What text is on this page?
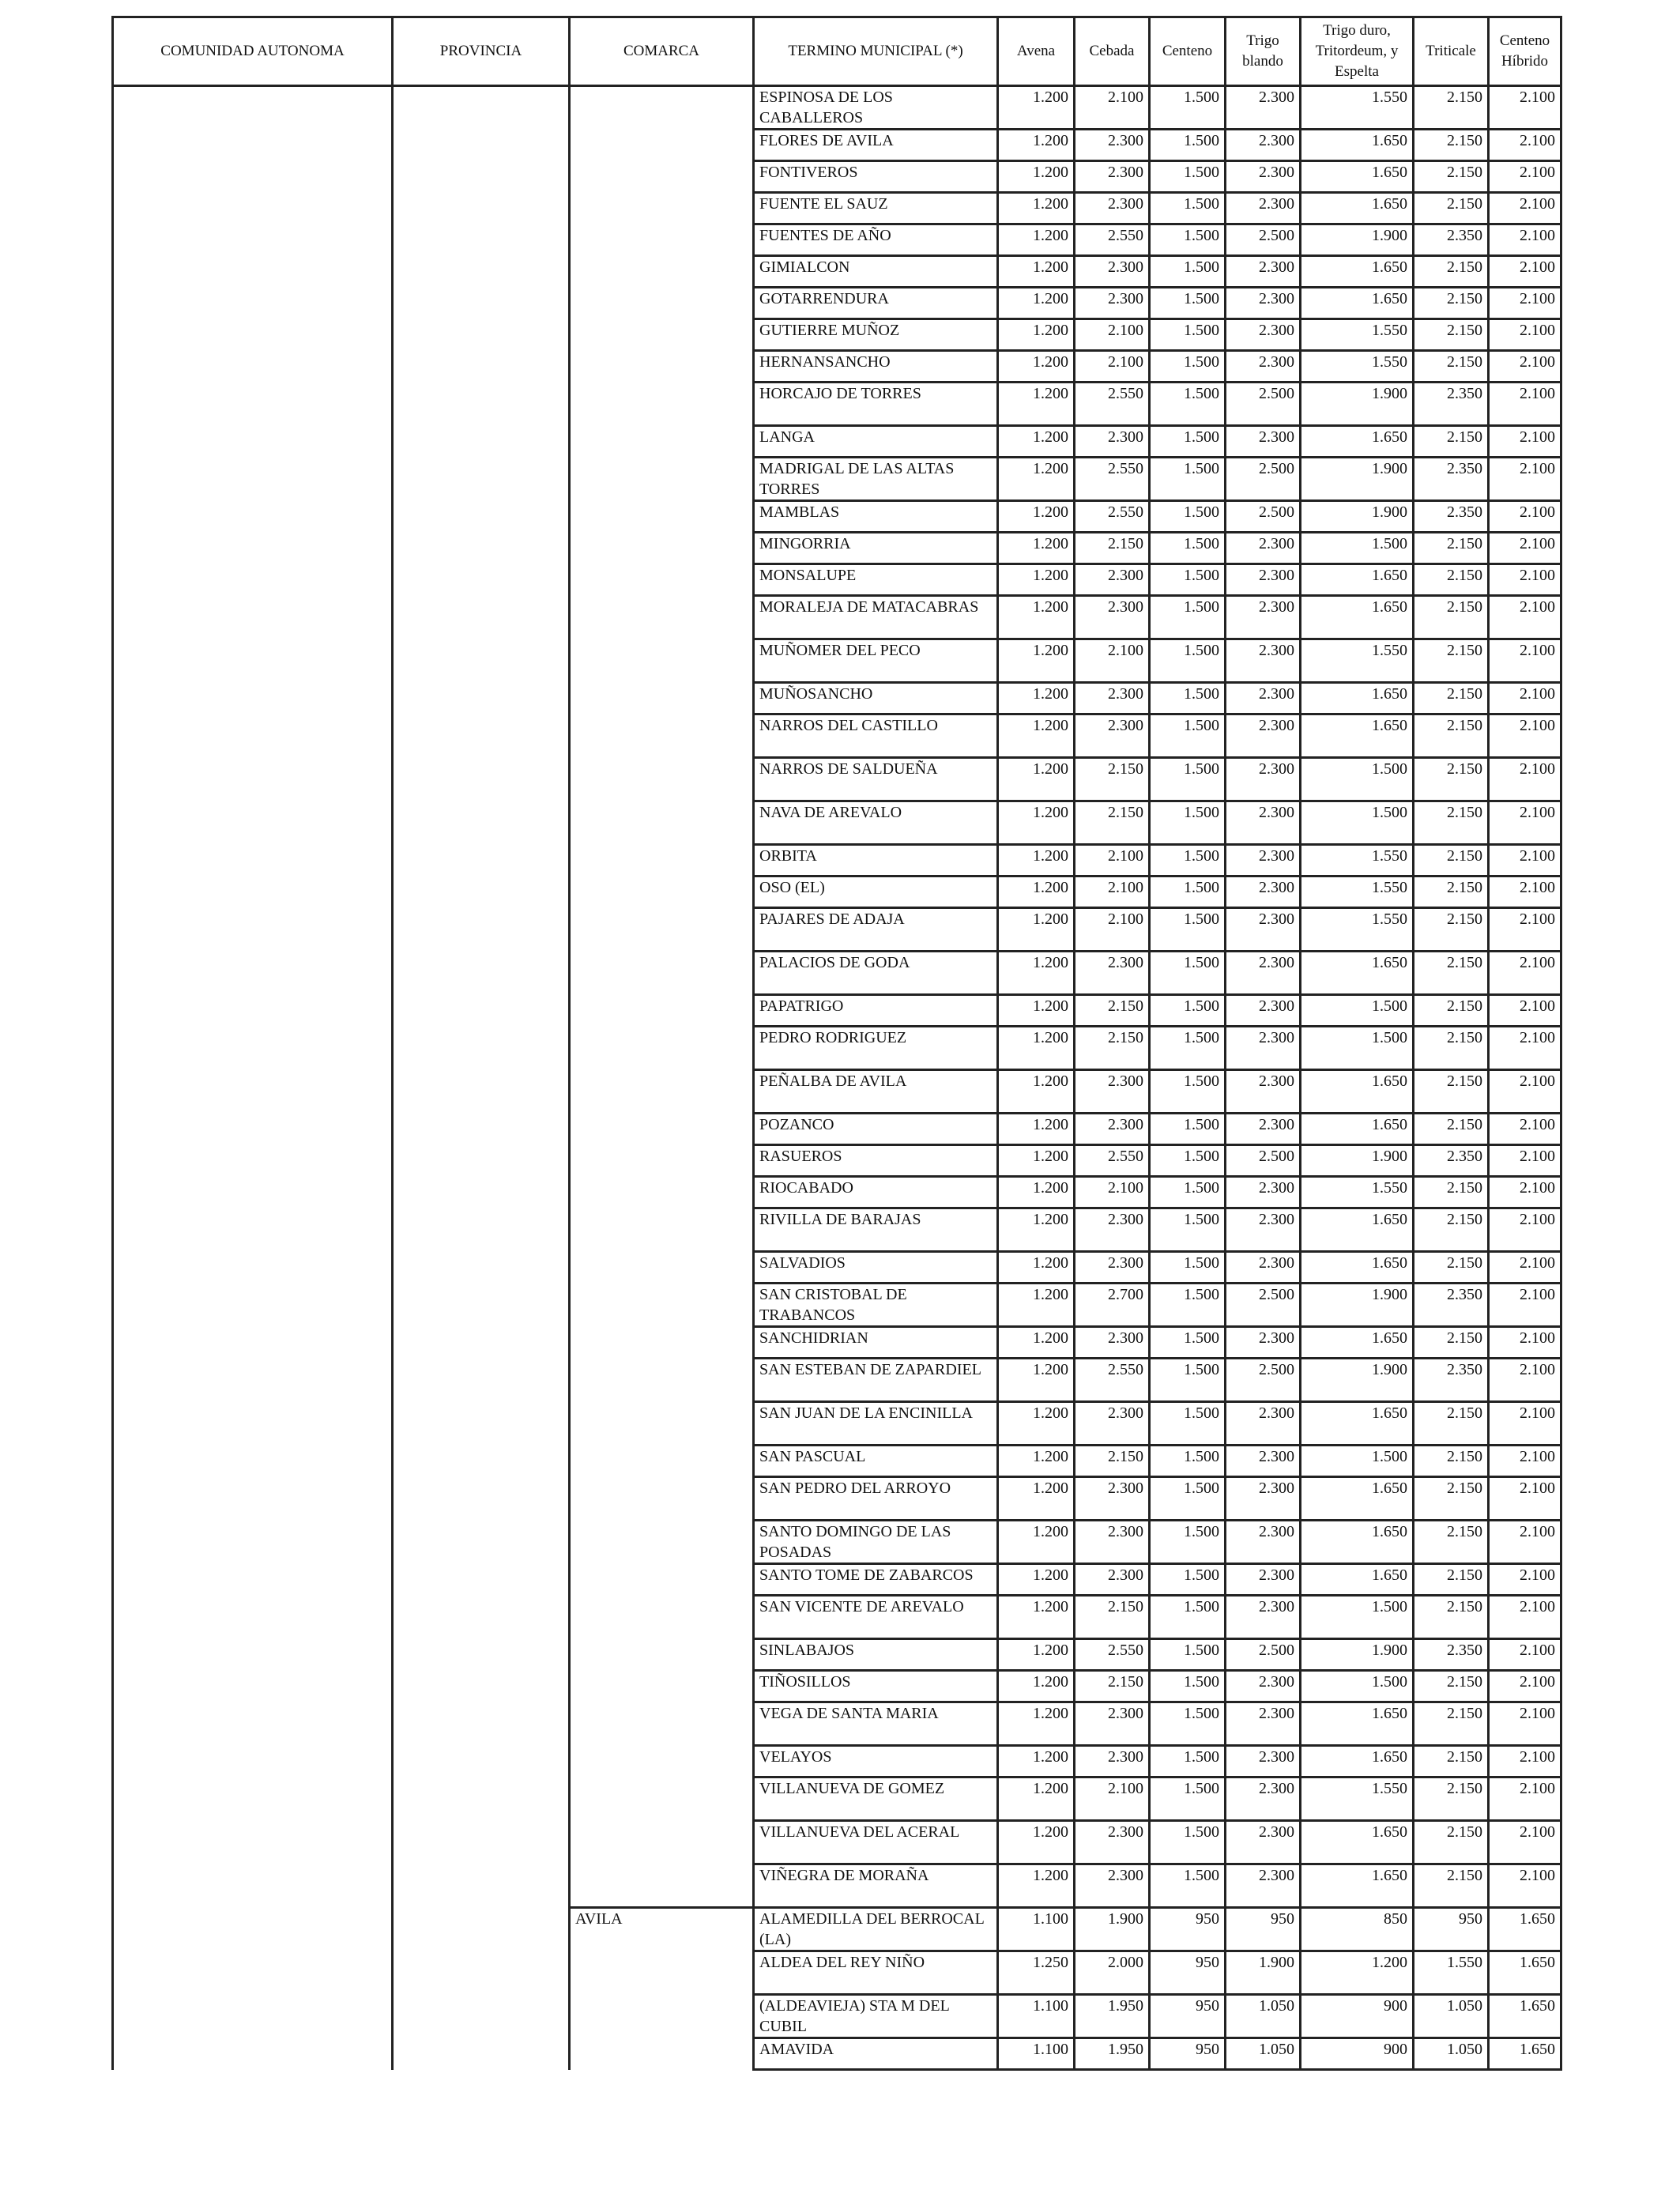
COMUNIDAD AUTONOMA	PROVINCIA	COMARCA	TERMINO MUNICIPAL (*)	Avena	Cebada	Centeno	Trigo blando	Trigo duro, Tritordeum, y Espelta	Triticale	Centeno Híbrido
			ESPINOSA DE LOS CABALLEROS	1.200	2.100	1.500	2.300	1.550	2.150	2.100
			FLORES DE AVILA	1.200	2.300	1.500	2.300	1.650	2.150	2.100
			FONTIVEROS	1.200	2.300	1.500	2.300	1.650	2.150	2.100
			FUENTE EL SAUZ	1.200	2.300	1.500	2.300	1.650	2.150	2.100
			FUENTES DE AÑO	1.200	2.550	1.500	2.500	1.900	2.350	2.100
			GIMIALCON	1.200	2.300	1.500	2.300	1.650	2.150	2.100
			GOTARRENDURA	1.200	2.300	1.500	2.300	1.650	2.150	2.100
			GUTIERRE MUÑOZ	1.200	2.100	1.500	2.300	1.550	2.150	2.100
			HERNANSANCHO	1.200	2.100	1.500	2.300	1.550	2.150	2.100
			HORCAJO DE TORRES	1.200	2.550	1.500	2.500	1.900	2.350	2.100
			LANGA	1.200	2.300	1.500	2.300	1.650	2.150	2.100
			MADRIGAL DE LAS ALTAS TORRES	1.200	2.550	1.500	2.500	1.900	2.350	2.100
			MAMBLAS	1.200	2.550	1.500	2.500	1.900	2.350	2.100
			MINGORRIA	1.200	2.150	1.500	2.300	1.500	2.150	2.100
			MONSALUPE	1.200	2.300	1.500	2.300	1.650	2.150	2.100
			MORALEJA DE MATACABRAS	1.200	2.300	1.500	2.300	1.650	2.150	2.100
			MUÑOMER DEL PECO	1.200	2.100	1.500	2.300	1.550	2.150	2.100
			MUÑOSANCHO	1.200	2.300	1.500	2.300	1.650	2.150	2.100
			NARROS DEL CASTILLO	1.200	2.300	1.500	2.300	1.650	2.150	2.100
			NARROS DE SALDUEÑA	1.200	2.150	1.500	2.300	1.500	2.150	2.100
			NAVA DE AREVALO	1.200	2.150	1.500	2.300	1.500	2.150	2.100
			ORBITA	1.200	2.100	1.500	2.300	1.550	2.150	2.100
			OSO (EL)	1.200	2.100	1.500	2.300	1.550	2.150	2.100
			PAJARES DE ADAJA	1.200	2.100	1.500	2.300	1.550	2.150	2.100
			PALACIOS DE GODA	1.200	2.300	1.500	2.300	1.650	2.150	2.100
			PAPATRIGO	1.200	2.150	1.500	2.300	1.500	2.150	2.100
			PEDRO RODRIGUEZ	1.200	2.150	1.500	2.300	1.500	2.150	2.100
			PEÑALBA DE AVILA	1.200	2.300	1.500	2.300	1.650	2.150	2.100
			POZANCO	1.200	2.300	1.500	2.300	1.650	2.150	2.100
			RASUEROS	1.200	2.550	1.500	2.500	1.900	2.350	2.100
			RIOCABADO	1.200	2.100	1.500	2.300	1.550	2.150	2.100
			RIVILLA DE BARAJAS	1.200	2.300	1.500	2.300	1.650	2.150	2.100
			SALVADIOS	1.200	2.300	1.500	2.300	1.650	2.150	2.100
			SAN CRISTOBAL DE TRABANCOS	1.200	2.700	1.500	2.500	1.900	2.350	2.100
			SANCHIDRIAN	1.200	2.300	1.500	2.300	1.650	2.150	2.100
			SAN ESTEBAN DE ZAPARDIEL	1.200	2.550	1.500	2.500	1.900	2.350	2.100
			SAN JUAN DE LA ENCINILLA	1.200	2.300	1.500	2.300	1.650	2.150	2.100
			SAN PASCUAL	1.200	2.150	1.500	2.300	1.500	2.150	2.100
			SAN PEDRO DEL ARROYO	1.200	2.300	1.500	2.300	1.650	2.150	2.100
			SANTO DOMINGO DE LAS POSADAS	1.200	2.300	1.500	2.300	1.650	2.150	2.100
			SANTO TOME DE ZABARCOS	1.200	2.300	1.500	2.300	1.650	2.150	2.100
			SAN VICENTE DE AREVALO	1.200	2.150	1.500	2.300	1.500	2.150	2.100
			SINLABAJOS	1.200	2.550	1.500	2.500	1.900	2.350	2.100
			TIÑOSILLOS	1.200	2.150	1.500	2.300	1.500	2.150	2.100
			VEGA DE SANTA MARIA	1.200	2.300	1.500	2.300	1.650	2.150	2.100
			VELAYOS	1.200	2.300	1.500	2.300	1.650	2.150	2.100
			VILLANUEVA DE GOMEZ	1.200	2.100	1.500	2.300	1.550	2.150	2.100
			VILLANUEVA DEL ACERAL	1.200	2.300	1.500	2.300	1.650	2.150	2.100
			VIÑEGRA DE MORAÑA	1.200	2.300	1.500	2.300	1.650	2.150	2.100
		AVILA	ALAMEDILLA DEL BERROCAL (LA)	1.100	1.900	950	950	850	950	1.650
			ALDEA DEL REY NIÑO	1.250	2.000	950	1.900	1.200	1.550	1.650
			(ALDEAVIEJA) STA M DEL CUBIL	1.100	1.950	950	1.050	900	1.050	1.650
			AMAVIDA	1.100	1.950	950	1.050	900	1.050	1.650
